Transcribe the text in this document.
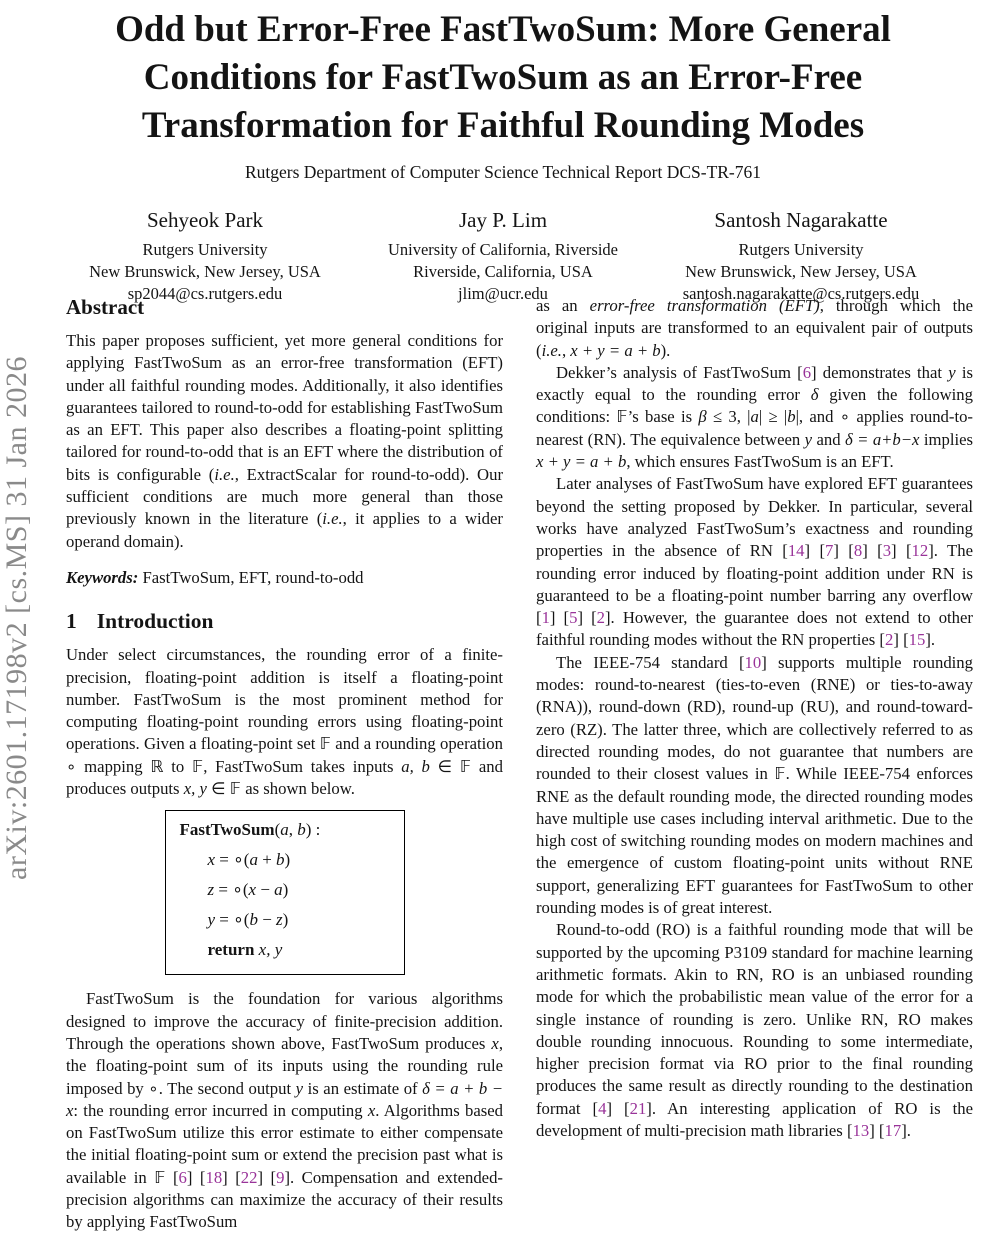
arXiv:2601.17198v2 [cs.MS] 31 Jan 2026
Odd but Error-Free FastTwoSum: More General
Conditions for FastTwoSum as an Error-Free
Transformation for Faithful Rounding Modes
Rutgers Department of Computer Science Technical Report DCS-TR-761
Sehyeok Park
Rutgers University
New Brunswick, New Jersey, USA
sp2044@cs.rutgers.edu
Jay P. Lim
University of California, Riverside
Riverside, California, USA
jlim@ucr.edu
Santosh Nagarakatte
Rutgers University
New Brunswick, New Jersey, USA
santosh.nagarakatte@cs.rutgers.edu
Abstract

This paper proposes sufficient, yet more general conditions for applying FastTwoSum as an error-free transformation (EFT) under all faithful rounding modes. Additionally, it also identifies guarantees tailored to round-to-odd for establishing FastTwoSum as an EFT. This paper also describes a floating-point splitting tailored for round-to-odd that is an EFT where the distribution of bits is configurable (i.e., ExtractScalar for round-to-odd). Our sufficient conditions are much more general than those previously known in the literature (i.e., it applies to a wider operand domain).

Keywords: FastTwoSum, EFT, round-to-odd

1 Introduction

Under select circumstances, the rounding error of a finite-precision, floating-point addition is itself a floating-point number. FastTwoSum is the most prominent method for computing floating-point rounding errors using floating-point operations. Given a floating-point set 𝔽 and a rounding operation ∘ mapping ℝ to 𝔽, FastTwoSum takes inputs a, b ∈ 𝔽 and produces outputs x, y ∈ 𝔽 as shown below.

FastTwoSum(a, b) :
x = ∘(a + b)
z = ∘(x − a)
y = ∘(b − z)
return x, y

FastTwoSum is the foundation for various algorithms designed to improve the accuracy of finite-precision addition. Through the operations shown above, FastTwoSum produces x, the floating-point sum of its inputs using the rounding rule imposed by ∘. The second output y is an estimate of δ = a + b − x: the rounding error incurred in computing x. Algorithms based on FastTwoSum utilize this error estimate to either compensate the initial floating-point sum or extend the precision past what is available in 𝔽 [6] [18] [22] [9]. Compensation and extended-precision algorithms can maximize the accuracy of their results by applying FastTwoSum

as an error-free transformation (EFT), through which the original inputs are transformed to an equivalent pair of outputs (i.e., x + y = a + b).

Dekker’s analysis of FastTwoSum [6] demonstrates that y is exactly equal to the rounding error δ given the following conditions: 𝔽’s base is β ≤ 3, |a| ≥ |b|, and ∘ applies round-to-nearest (RN). The equivalence between y and δ = a+b−x implies x + y = a + b, which ensures FastTwoSum is an EFT.

Later analyses of FastTwoSum have explored EFT guarantees beyond the setting proposed by Dekker. In particular, several works have analyzed FastTwoSum’s exactness and rounding properties in the absence of RN [14] [7] [8] [3] [12]. The rounding error induced by floating-point addition under RN is guaranteed to be a floating-point number barring any overflow [1] [5] [2]. However, the guarantee does not extend to other faithful rounding modes without the RN properties [2] [15].

The IEEE-754 standard [10] supports multiple rounding modes: round-to-nearest (ties-to-even (RNE) or ties-to-away (RNA)), round-down (RD), round-up (RU), and round-toward-zero (RZ). The latter three, which are collectively referred to as directed rounding modes, do not guarantee that numbers are rounded to their closest values in 𝔽. While IEEE-754 enforces RNE as the default rounding mode, the directed rounding modes have multiple use cases including interval arithmetic. Due to the high cost of switching rounding modes on modern machines and the emergence of custom floating-point units without RNE support, generalizing EFT guarantees for FastTwoSum to other rounding modes is of great interest.

Round-to-odd (RO) is a faithful rounding mode that will be supported by the upcoming P3109 standard for machine learning arithmetic formats. Akin to RN, RO is an unbiased rounding mode for which the probabilistic mean value of the error for a single instance of rounding is zero. Unlike RN, RO makes double rounding innocuous. Rounding to some intermediate, higher precision format via RO prior to the final rounding produces the same result as directly rounding to the destination format [4] [21]. An interesting application of RO is the development of multi-precision math libraries [13] [17].
